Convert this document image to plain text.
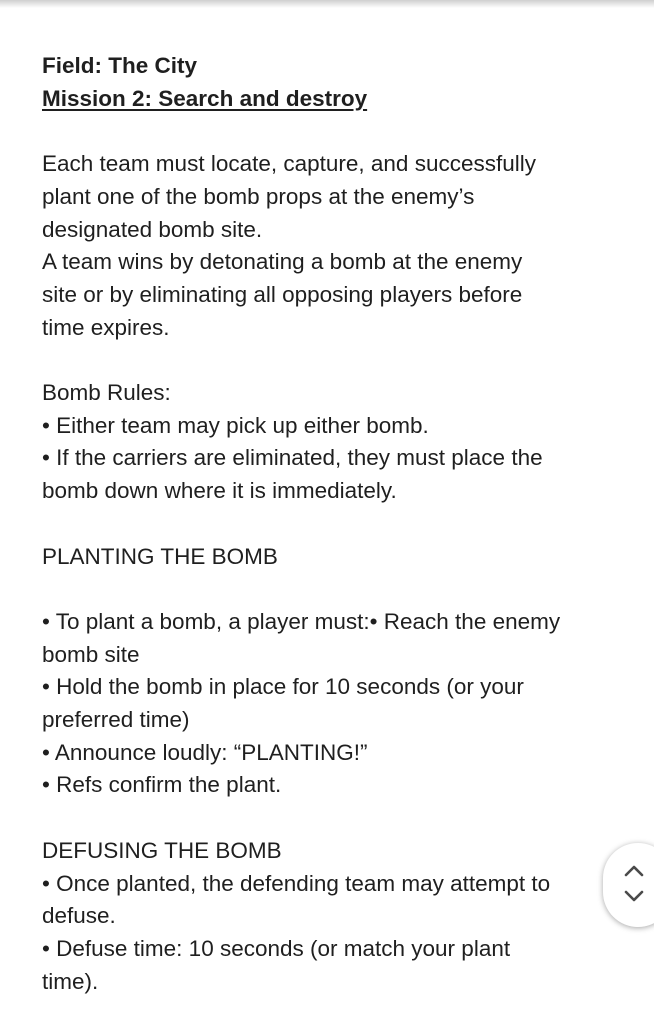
Field: The City

Mission 2: Search and destroy

Each team must locate, capture, and successfully

plant one of the bomb props at the enemy’s

designated bomb site.

A team wins by detonating a bomb at the enemy

site or by eliminating all opposing players before

time expires.

Bomb Rules:

• Either team may pick up either bomb.

• If the carriers are eliminated, they must place the

bomb down where it is immediately.

PLANTING THE BOMB

• To plant a bomb, a player must:• Reach the enemy

bomb site

• Hold the bomb in place for 10 seconds (or your

preferred time)

• Announce loudly: “PLANTING!”

• Refs confirm the plant.

DEFUSING THE BOMB

• Once planted, the defending team may attempt to

defuse.

• Defuse time: 10 seconds (or match your plant

time).
